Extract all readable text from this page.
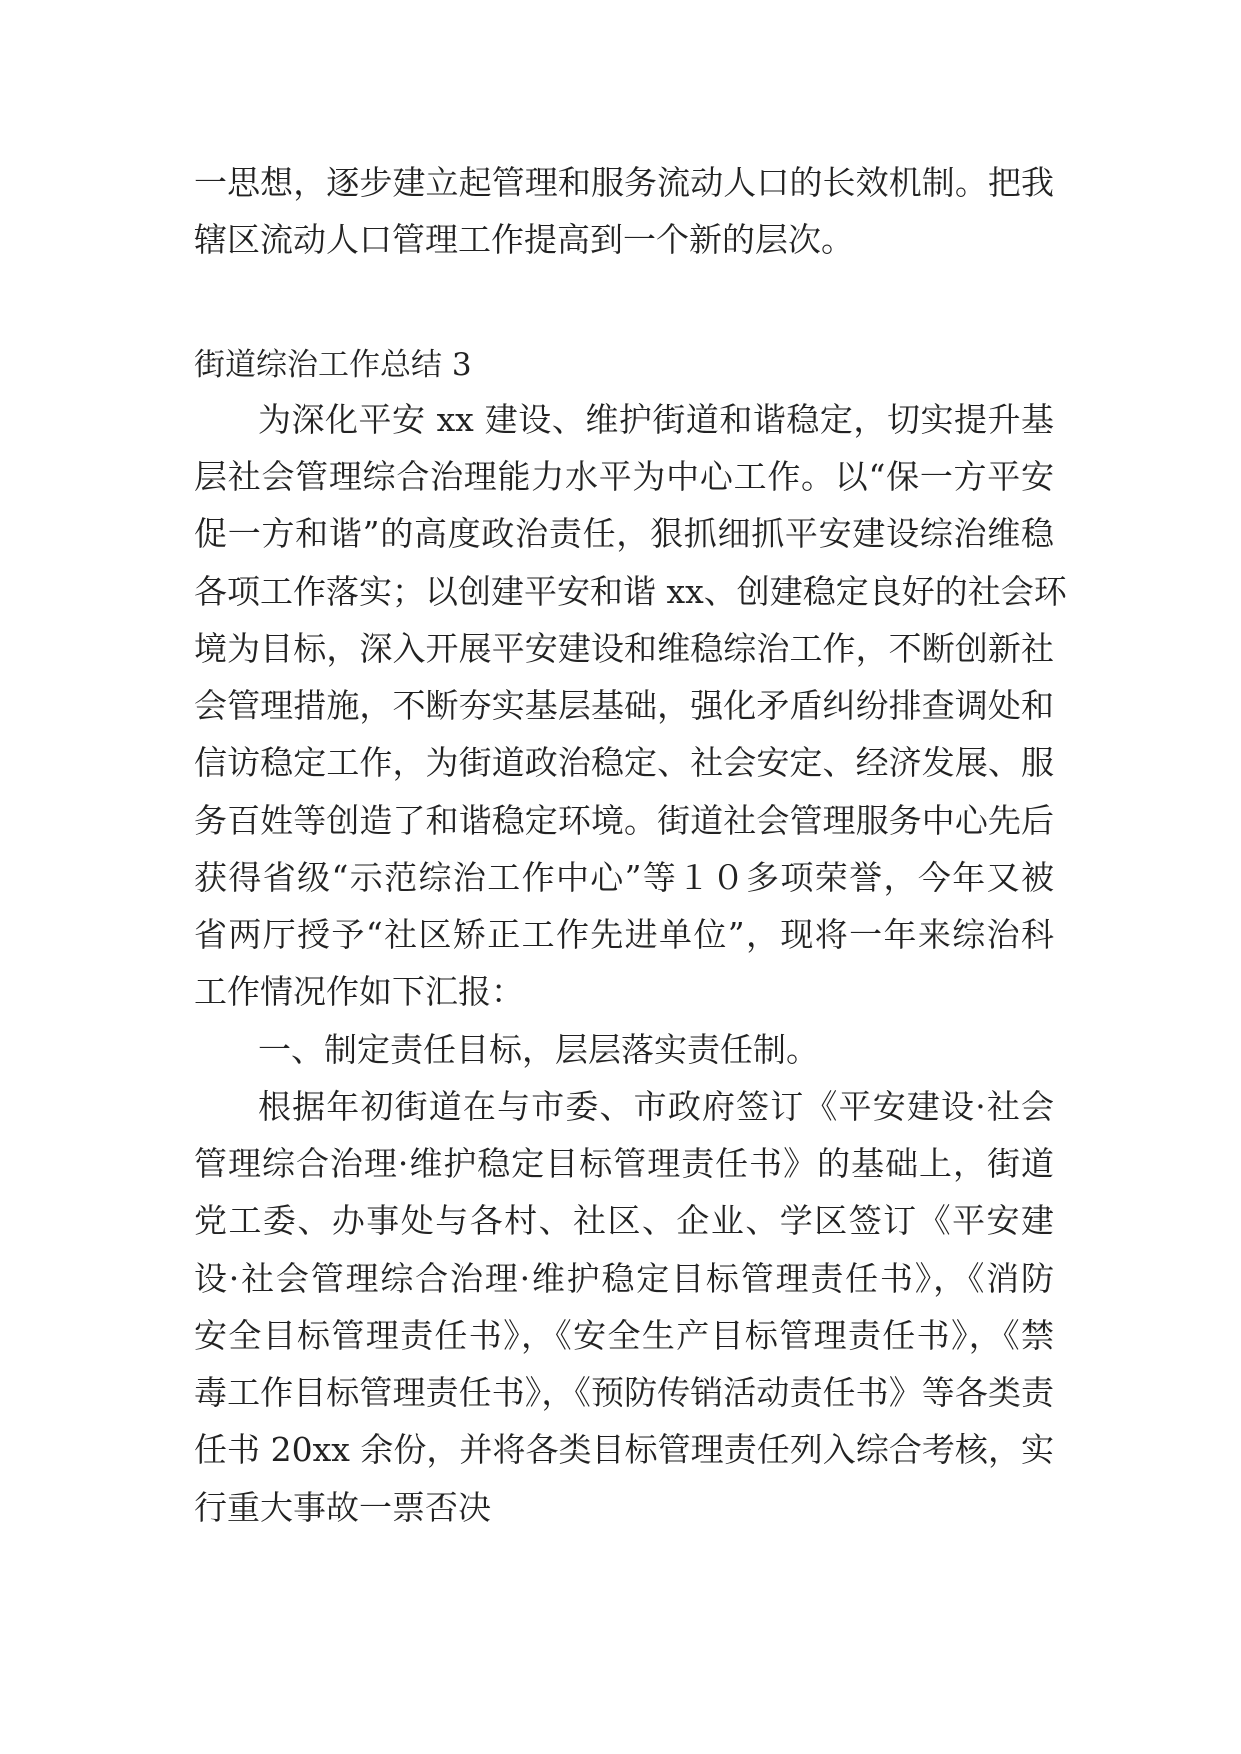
一思想，逐步建立起管理和服务流动人口的长效机制。把我
辖区流动人口管理工作提高到一个新的层次。
街道综治工作总结 3
为深化平安 xx 建设、维护街道和谐稳定，切实提升基
层社会管理综合治理能力水平为中心工作。以“保一方平安
促一方和谐”的高度政治责任，狠抓细抓平安建设综治维稳
各项工作落实；以创建平安和谐 xx、创建稳定良好的社会环
境为目标，深入开展平安建设和维稳综治工作，不断创新社
会管理措施，不断夯实基层基础，强化矛盾纠纷排查调处和
信访稳定工作，为街道政治稳定、社会安定、经济发展、服
务百姓等创造了和谐稳定环境。街道社会管理服务中心先后
获得省级“示范综治工作中心”等１０多项荣誉，今年又被
省两厅授予“社区矫正工作先进单位”，现将一年来综治科
工作情况作如下汇报：
一、制定责任目标，层层落实责任制。
根据年初街道在与市委、市政府签订《平安建设·社会
管理综合治理·维护稳定目标管理责任书》的基础上，街道
党工委、办事处与各村、社区、企业、学区签订《平安建
设·社会管理综合治理·维护稳定目标管理责任书》，《消防
安全目标管理责任书》，《安全生产目标管理责任书》，《禁
毒工作目标管理责任书》，《预防传销活动责任书》等各类责
任书 20xx 余份，并将各类目标管理责任列入综合考核，实
行重大事故一票否决
